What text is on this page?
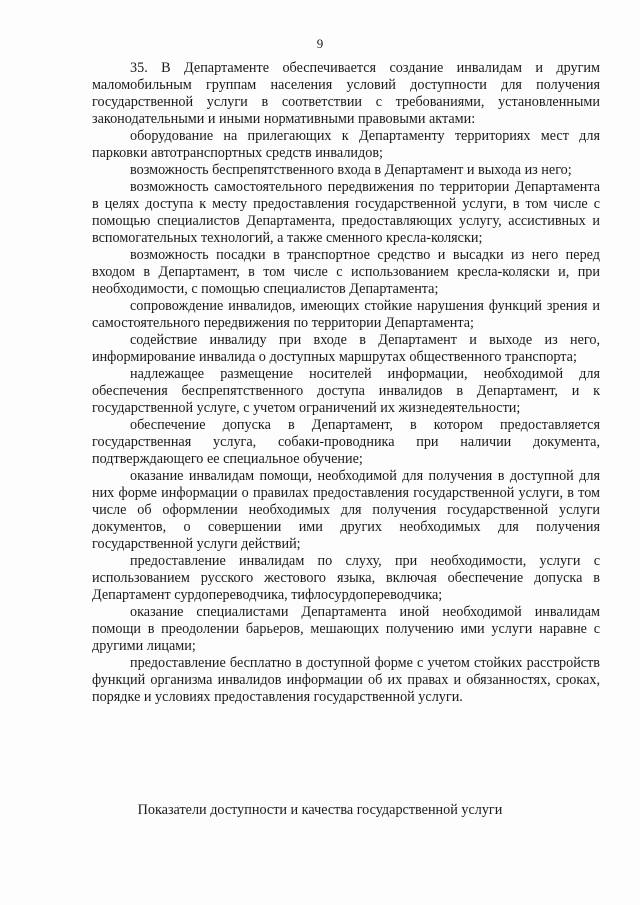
9

35. В Департаменте обеспечивается создание инвалидам и другим маломобильным группам населения условий доступности для получения государственной услуги в соответствии с требованиями, установленными законодательными и иными нормативными правовыми актами:

оборудование на прилегающих к Департаменту территориях мест для парковки автотранспортных средств инвалидов;

возможность беспрепятственного входа в Департамент и выхода из него;

возможность самостоятельного передвижения по территории Департамента в целях доступа к месту предоставления государственной услуги, в том числе с помощью специалистов Департамента, предоставляющих услугу, ассистивных и вспомогательных технологий, а также сменного кресла-коляски;

возможность посадки в транспортное средство и высадки из него перед входом в Департамент, в том числе с использованием кресла-коляски и, при необходимости, с помощью специалистов Департамента;

сопровождение инвалидов, имеющих стойкие нарушения функций зрения и самостоятельного передвижения по территории Департамента;

содействие инвалиду при входе в Департамент и выходе из него, информирование инвалида о доступных маршрутах общественного транспорта;

надлежащее размещение носителей информации, необходимой для обеспечения беспрепятственного доступа инвалидов в Департамент, и к государственной услуге, с учетом ограничений их жизнедеятельности;

обеспечение допуска в Департамент, в котором предоставляется государственная услуга, собаки-проводника при наличии документа, подтверждающего ее специальное обучение;

оказание инвалидам помощи, необходимой для получения в доступной для них форме информации о правилах предоставления государственной услуги, в том числе об оформлении необходимых для получения государственной услуги документов, о совершении ими других необходимых для получения государственной услуги действий;

предоставление инвалидам по слуху, при необходимости, услуги с использованием русского жестового языка, включая обеспечение допуска в Департамент сурдопереводчика, тифлосурдопереводчика;

оказание специалистами Департамента иной необходимой инвалидам помощи в преодолении барьеров, мешающих получению ими услуги наравне с другими лицами;

предоставление бесплатно в доступной форме с учетом стойких расстройств функций организма инвалидов информации об их правах и обязанностях, сроках, порядке и условиях предоставления государственной услуги.

Показатели доступности и качества государственной услуги
